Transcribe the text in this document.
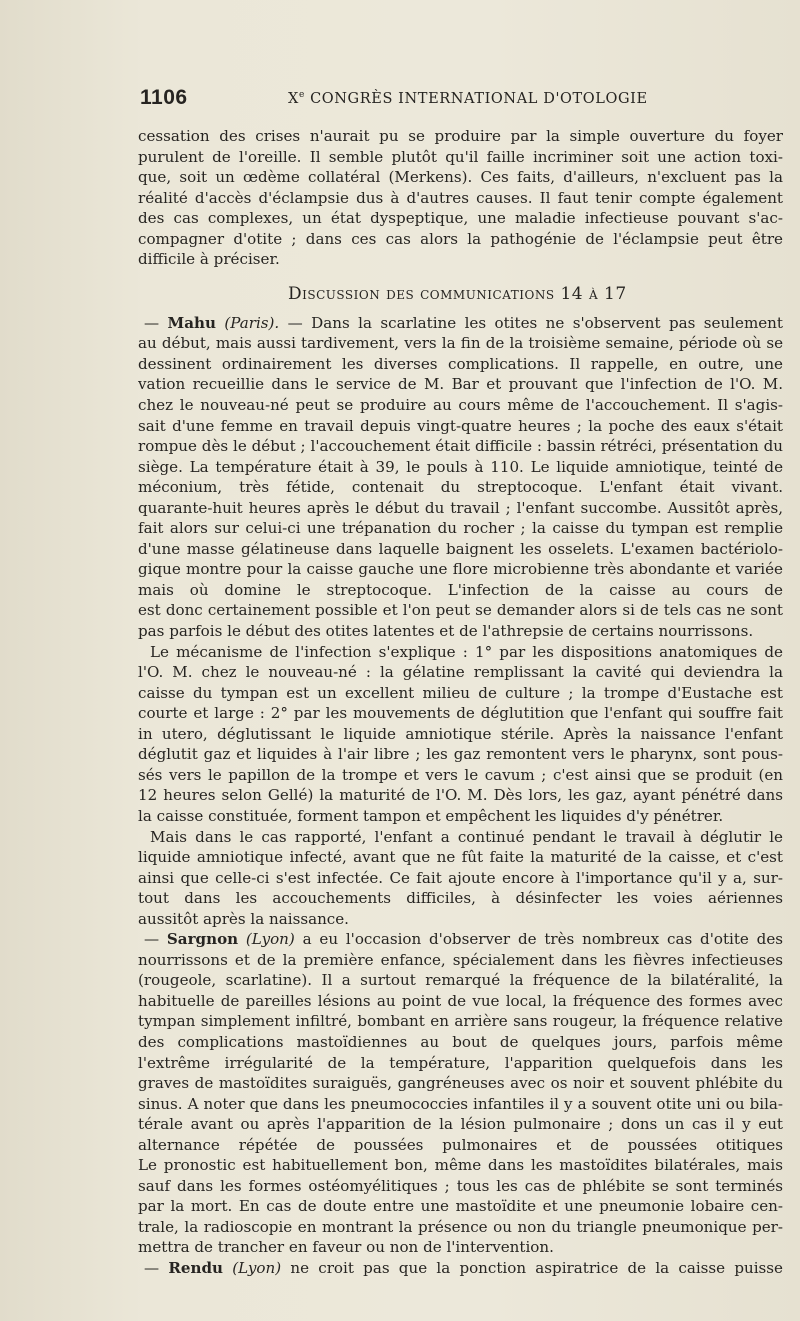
1106	Xe CONGRÈS INTERNATIONAL D'OTOLOGIE
cessation des crises n'aurait pu se produire par la simple ouverture du foyer
purulent de l'oreille. Il semble plutôt qu'il faille incriminer soit une action toxi-
que, soit un œdème collatéral (Merkens). Ces faits, d'ailleurs, n'excluent pas la
réalité d'accès d'éclampsie dus à d'autres causes. Il faut tenir compte également
des cas complexes, un état dyspeptique, une maladie infectieuse pouvant s'ac-
compagner d'otite ; dans ces cas alors la pathogénie de l'éclampsie peut être
difficile à préciser.
Discussion des communications 14 à 17
— Mahu (Paris). — Dans la scarlatine les otites ne s'observent pas seulement
au début, mais aussi tardivement, vers la fin de la troisième semaine, période où se
dessinent ordinairement les diverses complications. Il rappelle, en outre, une
vation recueillie dans le service de M. Bar et prouvant que l'infection de l'O. M.
chez le nouveau-né peut se produire au cours même de l'accouchement. Il s'agis-
sait d'une femme en travail depuis vingt-quatre heures ; la poche des eaux s'était
rompue dès le début ; l'accouchement était difficile : bassin rétréci, présentation du
siège. La température était à 39, le pouls à 110. Le liquide amniotique, teinté de
méconium, très fétide, contenait du streptocoque. L'enfant était vivant.
quarante-huit heures après le début du travail ; l'enfant succombe. Aussitôt après,
fait alors sur celui-ci une trépanation du rocher ; la caisse du tympan est remplie
d'une masse gélatineuse dans laquelle baignent les osselets. L'examen bactériolo-
gique montre pour la caisse gauche une flore microbienne très abondante et variée
mais où domine le streptocoque. L'infection de la caisse au cours de
est donc certainement possible et l'on peut se demander alors si de tels cas ne sont
pas parfois le début des otites latentes et de l'athrepsie de certains nourrissons.
Le mécanisme de l'infection s'explique : 1° par les dispositions anatomiques de
l'O. M. chez le nouveau-né : la gélatine remplissant la cavité qui deviendra la
caisse du tympan est un excellent milieu de culture ; la trompe d'Eustache est
courte et large : 2° par les mouvements de déglutition que l'enfant qui souffre fait
in utero, déglutissant le liquide amniotique stérile. Après la naissance l'enfant
déglutit gaz et liquides à l'air libre ; les gaz remontent vers le pharynx, sont pous-
sés vers le papillon de la trompe et vers le cavum ; c'est ainsi que se produit (en
12 heures selon Gellé) la maturité de l'O. M. Dès lors, les gaz, ayant pénétré dans
la caisse constituée, forment tampon et empêchent les liquides d'y pénétrer.
Mais dans le cas rapporté, l'enfant a continué pendant le travail à déglutir le
liquide amniotique infecté, avant que ne fût faite la maturité de la caisse, et c'est
ainsi que celle-ci s'est infectée. Ce fait ajoute encore à l'importance qu'il y a, sur-
tout dans les accouchements difficiles, à désinfecter les voies aériennes
aussitôt après la naissance.
— Sargnon (Lyon) a eu l'occasion d'observer de très nombreux cas d'otite des
nourrissons et de la première enfance, spécialement dans les fièvres infectieuses
(rougeole, scarlatine). Il a surtout remarqué la fréquence de la bilatéralité, la
habituelle de pareilles lésions au point de vue local, la fréquence des formes avec
tympan simplement infiltré, bombant en arrière sans rougeur, la fréquence relative
des complications mastoïdiennes au bout de quelques jours, parfois même
l'extrême irrégularité de la température, l'apparition quelquefois dans les
graves de mastoïdites suraiguës, gangréneuses avec os noir et souvent phlébite du
sinus. A noter que dans les pneumococcies infantiles il y a souvent otite uni ou bila-
térale avant ou après l'apparition de la lésion pulmonaire ; dons un cas il y eut
alternance répétée de poussées pulmonaires et de poussées otitiques
Le pronostic est habituellement bon, même dans les mastoïdites bilatérales, mais
sauf dans les formes ostéomyélitiques ; tous les cas de phlébite se sont terminés
par la mort. En cas de doute entre une mastoïdite et une pneumonie lobaire cen-
trale, la radioscopie en montrant la présence ou non du triangle pneumonique per-
mettra de trancher en faveur ou non de l'intervention.
— Rendu (Lyon) ne croit pas que la ponction aspiratrice de la caisse puisse
